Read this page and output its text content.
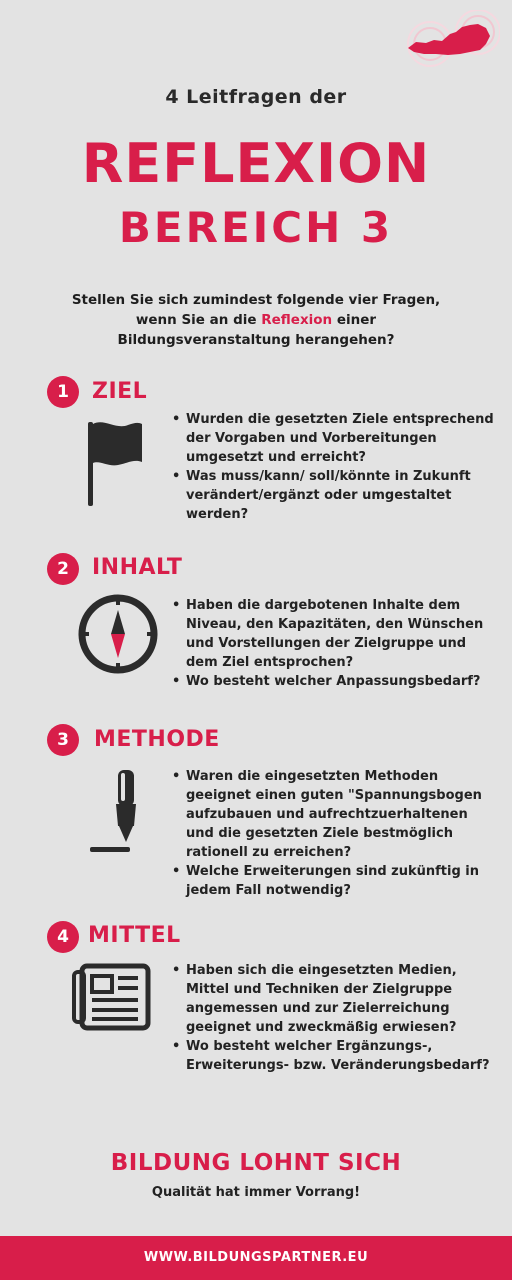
4 Leitfragen der
REFLEXION
BEREICH 3
Stellen Sie sich zumindest folgende vier Fragen, wenn Sie an die Reflexion einer Bildungsveranstaltung herangehen?
1	ZIEL
• Wurden die gesetzten Ziele entsprechend der Vorgaben und Vorbereitungen umgesetzt und erreicht?
• Was muss/kann/ soll/könnte in Zukunft verändert/ergänzt oder umgestaltet werden?
2	INHALT
• Haben die dargebotenen Inhalte dem Niveau, den Kapazitäten, den Wünschen und Vorstellungen der Zielgruppe und dem Ziel entsprochen?
• Wo besteht welcher Anpassungsbedarf?
3	METHODE
• Waren die eingesetzten Methoden geeignet einen guten "Spannungsbogen aufzubauen und aufrechtzuerhaltenen und die gesetzten Ziele bestmöglich rationell zu erreichen?
• Welche Erweiterungen sind zukünftig in jedem Fall notwendig?
4 MITTEL
• Haben sich die eingesetzten Medien, Mittel und Techniken der Zielgruppe angemessen und zur Zielerreichung geeignet und zweckmäßig erwiesen?
• Wo besteht welcher Ergänzungs-, Erweiterungs- bzw. Veränderungsbedarf?
BILDUNG LOHNT SICH
Qualität hat immer Vorrang!
WWW.BILDUNGSPARTNER.EU
